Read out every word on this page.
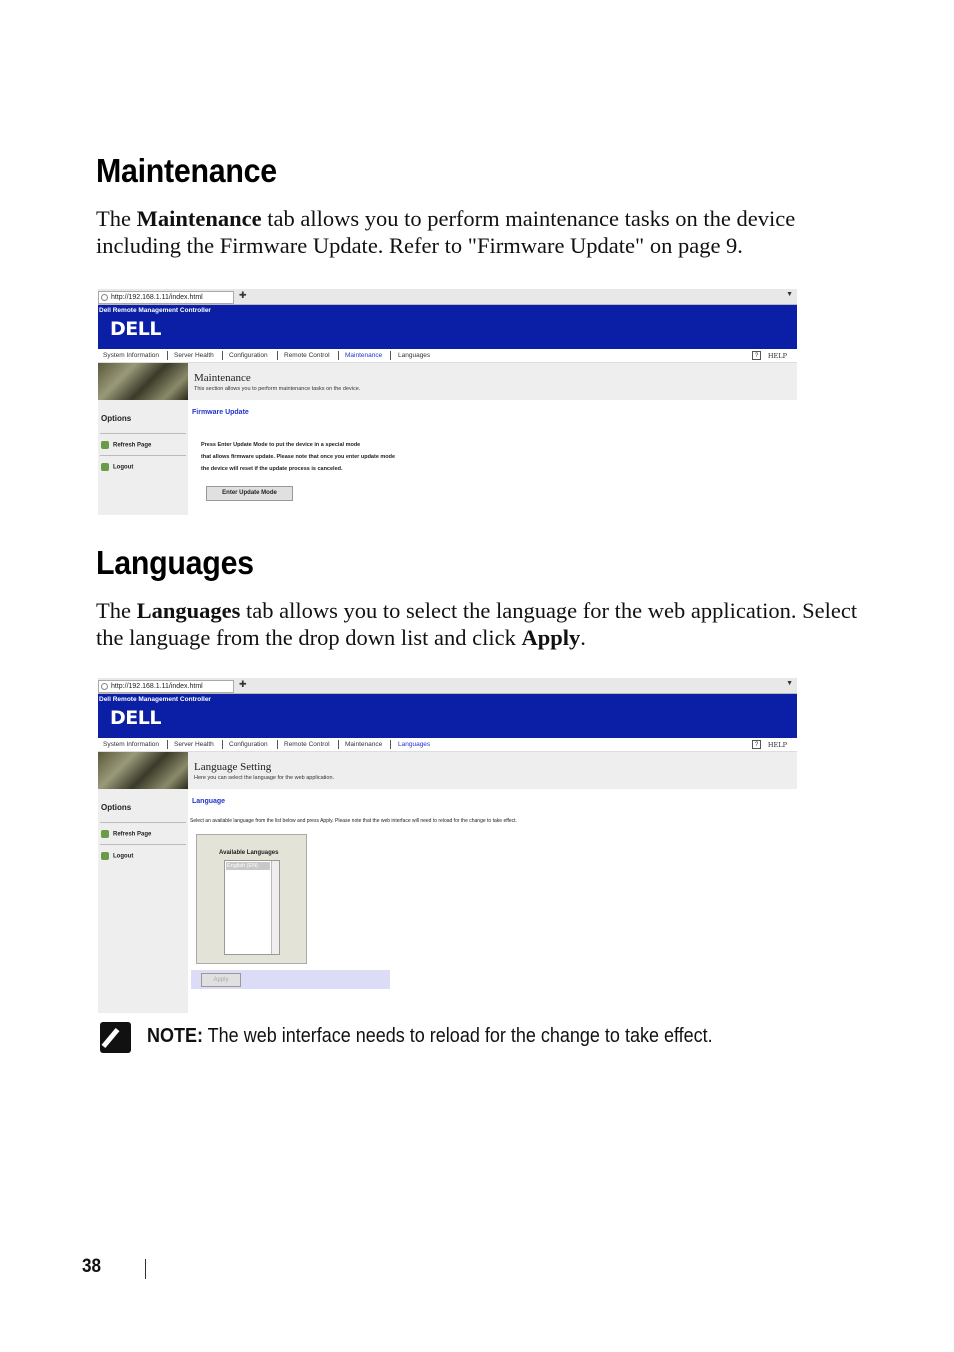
Maintenance
The Maintenance tab allows you to perform maintenance tasks on the device including the Firmware Update. Refer to "Firmware Update" on page 9.
http://192.168.1.11/index.html	✚	▼
Dell Remote Management Controller
DELL
System Information Server Health Configuration	Remote Control Maintenance Languages	?	HELP
Maintenance
This section allows you to perform maintenance tasks on the device.
Options
Refresh Page
Logout
Firmware Update
Press Enter Update Mode to put the device in a special mode
that allows firmware update. Please note that once you enter update mode
the device will reset if the update process is canceled.
Enter Update Mode
Languages
The Languages tab allows you to select the language for the web application. Select the language from the drop down list and click Apply.
http://192.168.1.11/index.html	✚	▼
Dell Remote Management Controller
DELL
System Information Server Health Configuration	Remote Control Maintenance Languages	?	HELP
Language Setting
Here you can select the language for the web application.
Options
Refresh Page
Logout
Language
Select an available language from the list below and press Apply. Please note that the web interface will need to reload for the change to take effect.
Available Languages
English (EN)
Apply
NOTE: The web interface needs to reload for the change to take effect.
38
